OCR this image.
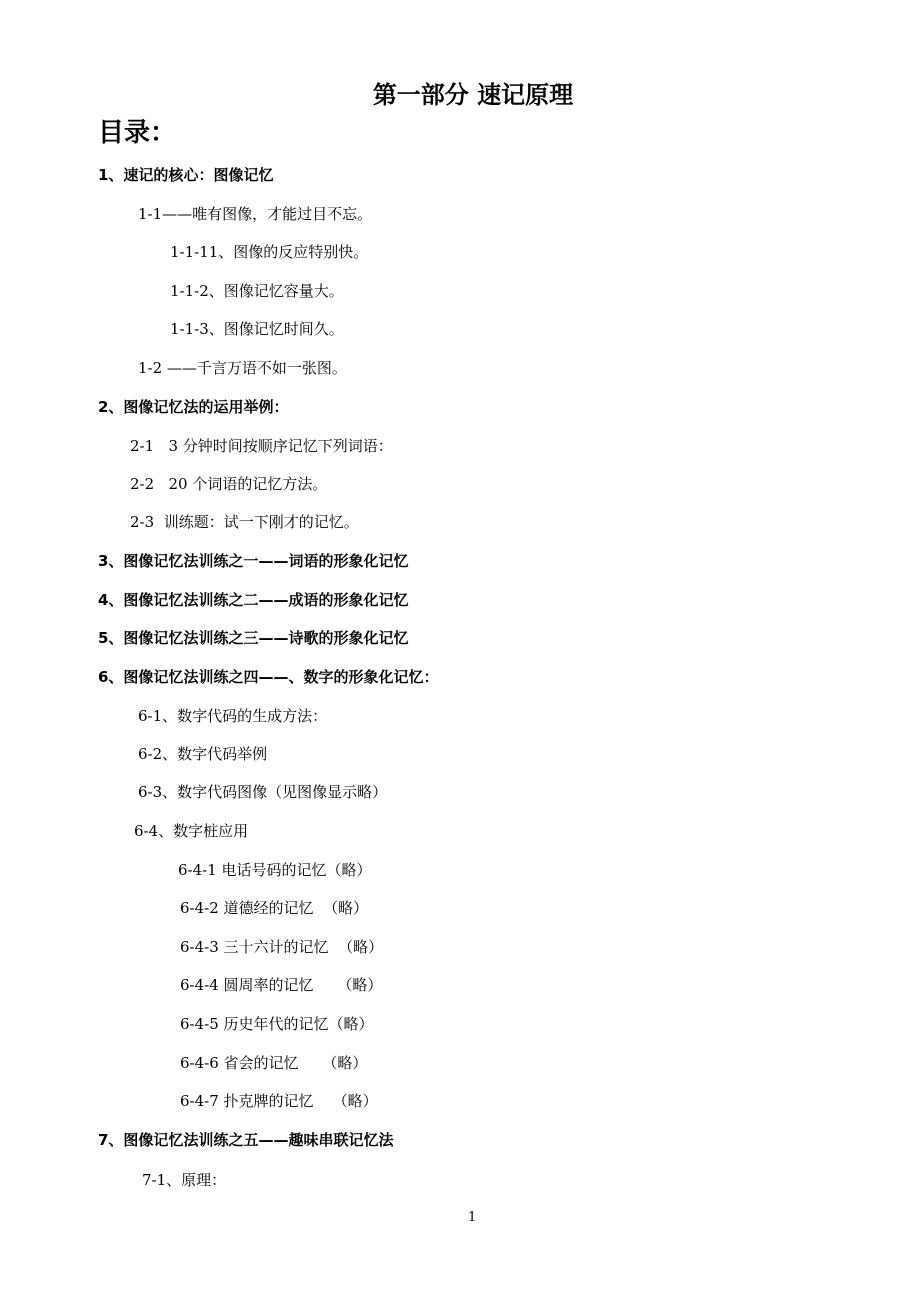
第一部分 速记原理
目录：
1、速记的核心：图像记忆
1-1——唯有图像，才能过目不忘。
1-1-11、图像的反应特别快。
1-1-2、图像记忆容量大。
1-1-3、图像记忆时间久。
1-2 ——千言万语不如一张图。
2、图像记忆法的运用举例：
2-1   3 分钟时间按顺序记忆下列词语：
2-2   20 个词语的记忆方法。
2-3  训练题：试一下刚才的记忆。
3、图像记忆法训练之一——词语的形象化记忆
4、图像记忆法训练之二——成语的形象化记忆
5、图像记忆法训练之三——诗歌的形象化记忆
6、图像记忆法训练之四——、数字的形象化记忆：
6-1、数字代码的生成方法：
6-2、数字代码举例
6-3、数字代码图像（见图像显示略）
6-4、数字桩应用
6-4-1 电话号码的记忆（略）
6-4-2 道德经的记忆  （略）
6-4-3 三十六计的记忆  （略）
6-4-4 圆周率的记忆     （略）
6-4-5 历史年代的记忆（略）
6-4-6 省会的记忆     （略）
6-4-7 扑克牌的记忆    （略）
7、图像记忆法训练之五——趣味串联记忆法
7-1、原理：
1
